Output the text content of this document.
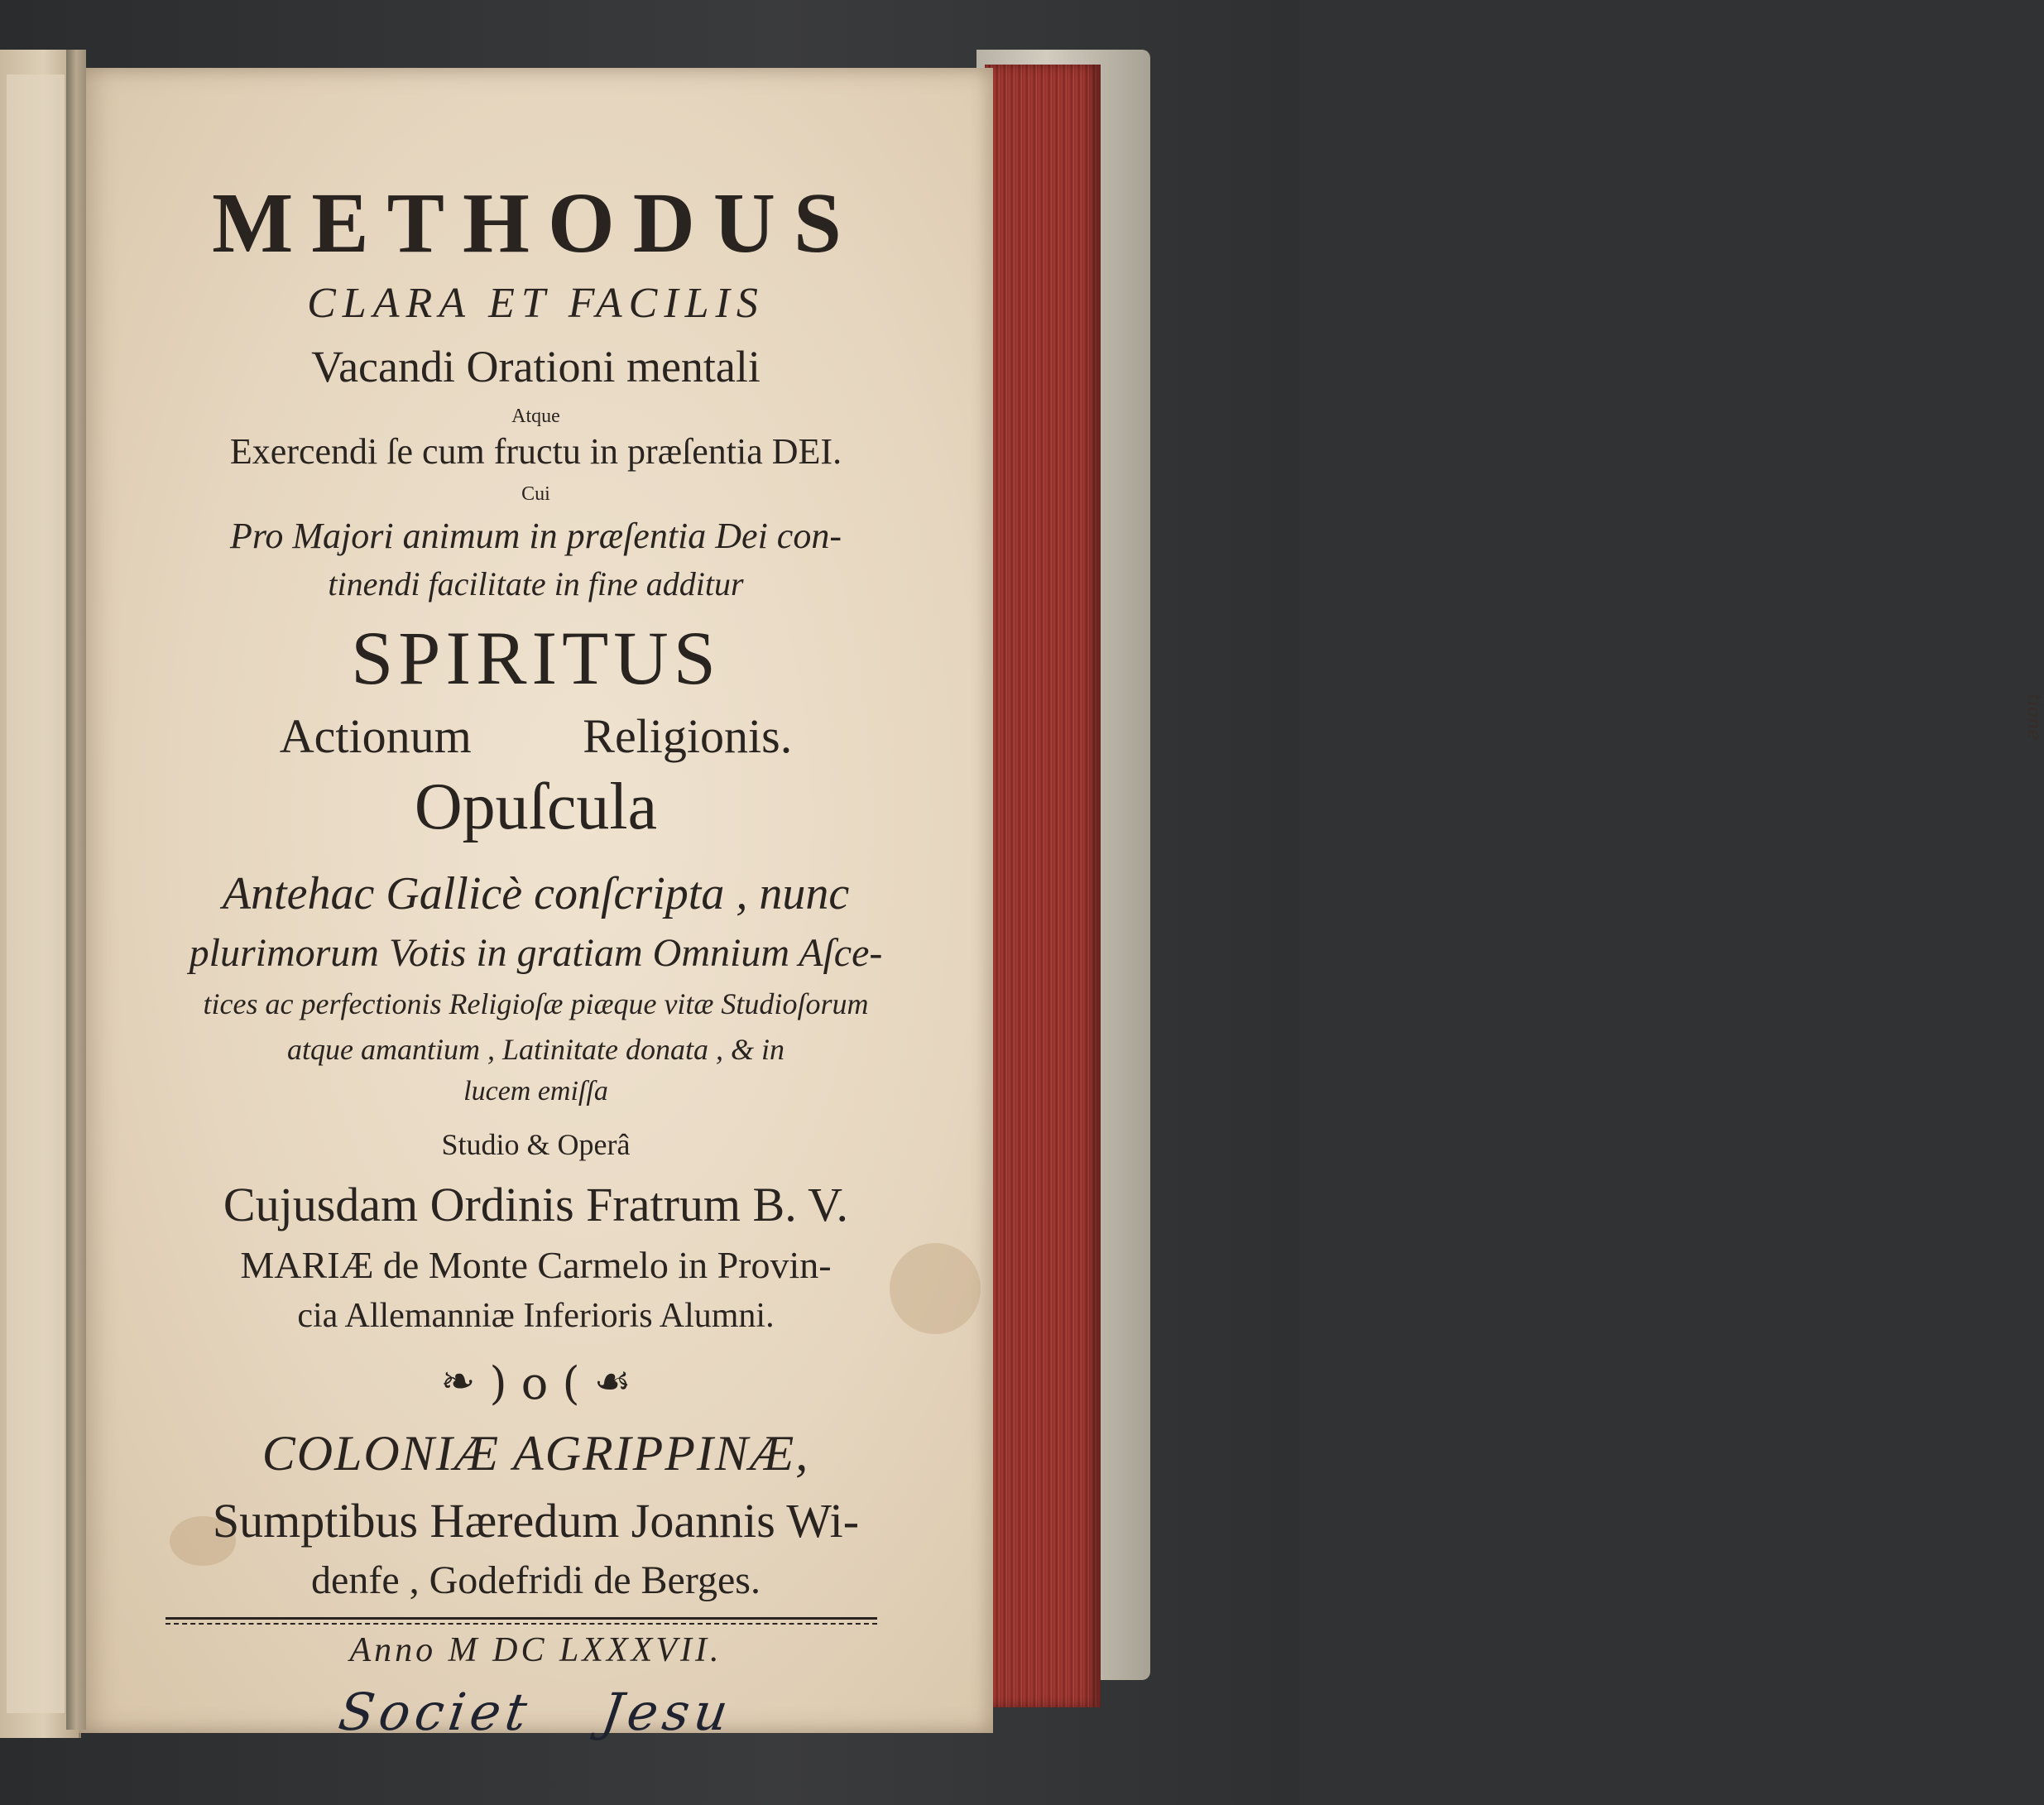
tione
METHODUS
CLARA ET FACILIS
Vacandi Orationi mentali
Atque
Exercendi ſe cum fructu in præſentia DEI.
Cui
Pro Majori animum in præſentia Dei con-
tinendi facilitate in fine additur
SPIRITUS
Actionum Religionis.
Opuſcula
Antehac Gallicè conſcripta , nunc
plurimorum Votis in gratiam Omnium Aſce-
tices ac perfectionis Religioſæ piæque vitæ Studioſorum
atque amantium , Latinitate donata , & in
lucem emiſſa
Studio & Operâ
Cujusdam Ordinis Fratrum B. V.
MARIÆ de Monte Carmelo in Provin-
cia Allemanniæ Inferioris Alumni.
❧ ) o ( ☙
COLONIÆ AGRIPPINÆ,
Sumptibus Hæredum Joannis Wi-
denfe , Godefridi de Berges.
Anno M DC LXXXVII.
Societ Jesu
